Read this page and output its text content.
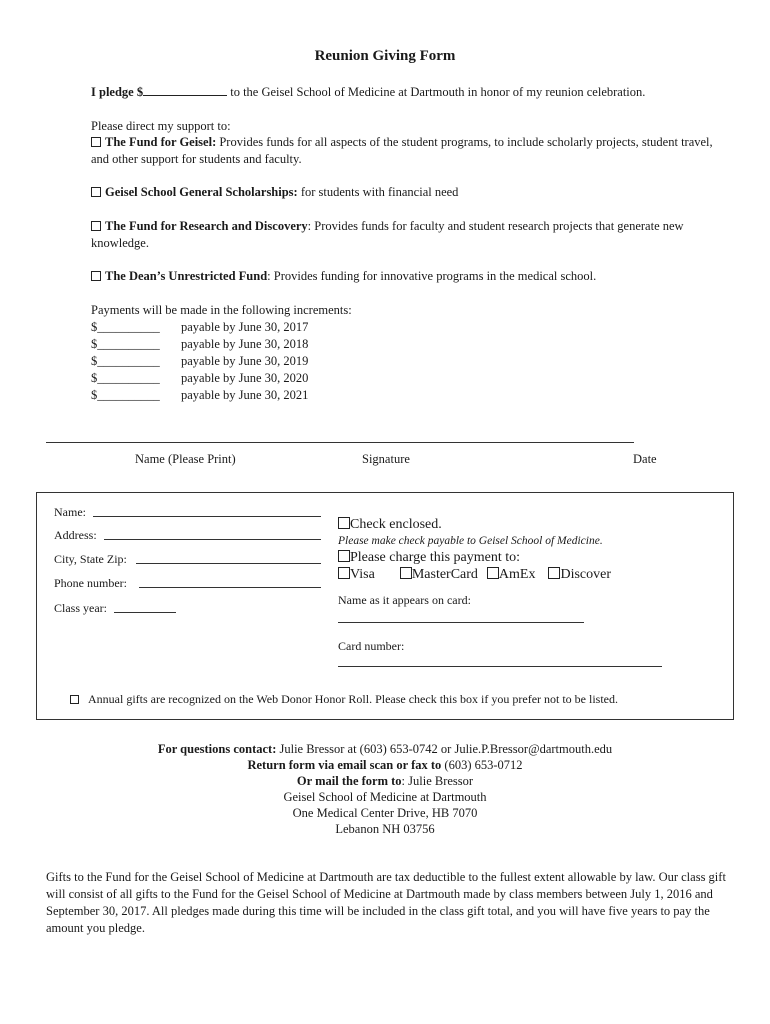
Reunion Giving Form
I pledge $	to the Geisel School of Medicine at Dartmouth in honor of my reunion celebration.
Please direct my support to:
The Fund for Geisel: Provides funds for all aspects of the student programs, to include scholarly projects, student travel, and other support for students and faculty.
Geisel School General Scholarships: for students with financial need
The Fund for Research and Discovery: Provides funds for faculty and student research projects that generate new knowledge.
The Dean’s Unrestricted Fund: Provides funding for innovative programs in the medical school.
Payments will be made in the following increments:
$__________ payable by June 30, 2017
$__________ payable by June 30, 2018
$__________ payable by June 30, 2019
$__________ payable by June 30, 2020
$__________ payable by June 30, 2021
Name (Please Print)	Signature	Date
Name:
Address:
City, State Zip:
Phone number:
Class year:
Check enclosed.
Please make check payable to Geisel School of Medicine.
Please charge this payment to:
Visa	MasterCard AmEx Discover
Name as it appears on card:
Card number:
Annual gifts are recognized on the Web Donor Honor Roll. Please check this box if you prefer not to be listed.
For questions contact: Julie Bressor at (603) 653-0742 or Julie.P.Bressor@dartmouth.edu
Return form via email scan or fax to (603) 653-0712
Or mail the form to: Julie Bressor
Geisel School of Medicine at Dartmouth
One Medical Center Drive, HB 7070
Lebanon NH 03756
Gifts to the Fund for the Geisel School of Medicine at Dartmouth are tax deductible to the fullest extent allowable by law. Our class gift will consist of all gifts to the Fund for the Geisel School of Medicine at Dartmouth made by class members between July 1, 2016 and September 30, 2017. All pledges made during this time will be included in the class gift total, and you will have five years to pay the amount you pledge.
